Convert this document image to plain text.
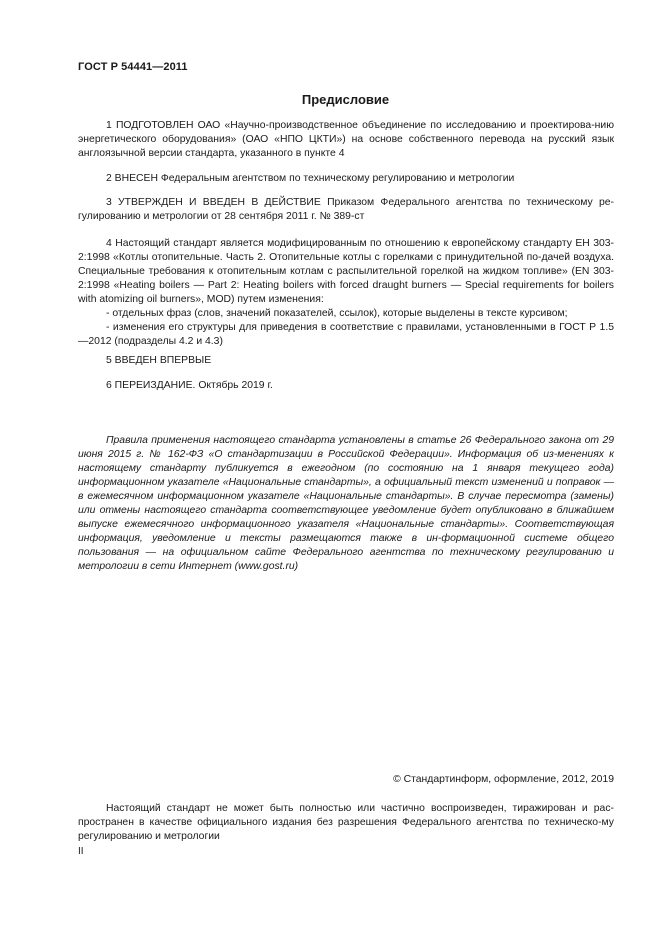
ГОСТ Р 54441—2011
Предисловие

1 ПОДГОТОВЛЕН ОАО «Научно-производственное объединение по исследованию и проектирова-нию энергетического оборудования» (ОАО «НПО ЦКТИ») на основе собственного перевода на русский язык англоязычной версии стандарта, указанного в пункте 4

2 ВНЕСЕН Федеральным агентством по техническому регулированию и метрологии

3 УТВЕРЖДЕН И ВВЕДЕН В ДЕЙСТВИЕ Приказом Федерального агентства по техническому ре-гулированию и метрологии от 28 сентября 2011 г. № 389-ст

4 Настоящий стандарт является модифицированным по отношению к европейскому стандарту ЕН 303-2:1998 «Котлы отопительные. Часть 2. Отопительные котлы с горелками с принудительной по-дачей воздуха. Специальные требования к отопительным котлам с распылительной горелкой на жидком топливе» (EN 303-2:1998 «Heating boilers — Part 2: Heating boilers with forced draught burners — Special requirements for boilers with atomizing oil burners», MOD) путем изменения:

- отдельных фраз (слов, значений показателей, ссылок), которые выделены в тексте курсивом;

- изменения его структуры для приведения в соответствие с правилами, установленными в ГОСТ Р 1.5—2012 (подразделы 4.2 и 4.3)

5 ВВЕДЕН ВПЕРВЫЕ

6 ПЕРЕИЗДАНИЕ. Октябрь 2019 г.

Правила применения настоящего стандарта установлены в статье 26 Федерального закона от 29 июня 2015 г. № 162-ФЗ «О стандартизации в Российской Федерации». Информация об из-менениях к настоящему стандарту публикуется в ежегодном (по состоянию на 1 января текущего года) информационном указателе «Национальные стандарты», а официальный текст изменений и поправок — в ежемесячном информационном указателе «Национальные стандарты». В случае пересмотра (замены) или отмены настоящего стандарта соответствующее уведомление будет опубликовано в ближайшем выпуске ежемесячного информационного указателя «Национальные стандарты». Соответствующая информация, уведомление и тексты размещаются также в ин-формационной системе общего пользования — на официальном сайте Федерального агентства по техническому регулированию и метрологии в сети Интернет (www.gost.ru)

© Стандартинформ, оформление, 2012, 2019

Настоящий стандарт не может быть полностью или частично воспроизведен, тиражирован и рас-пространен в качестве официального издания без разрешения Федерального агентства по техническо-му регулированию и метрологии

II
